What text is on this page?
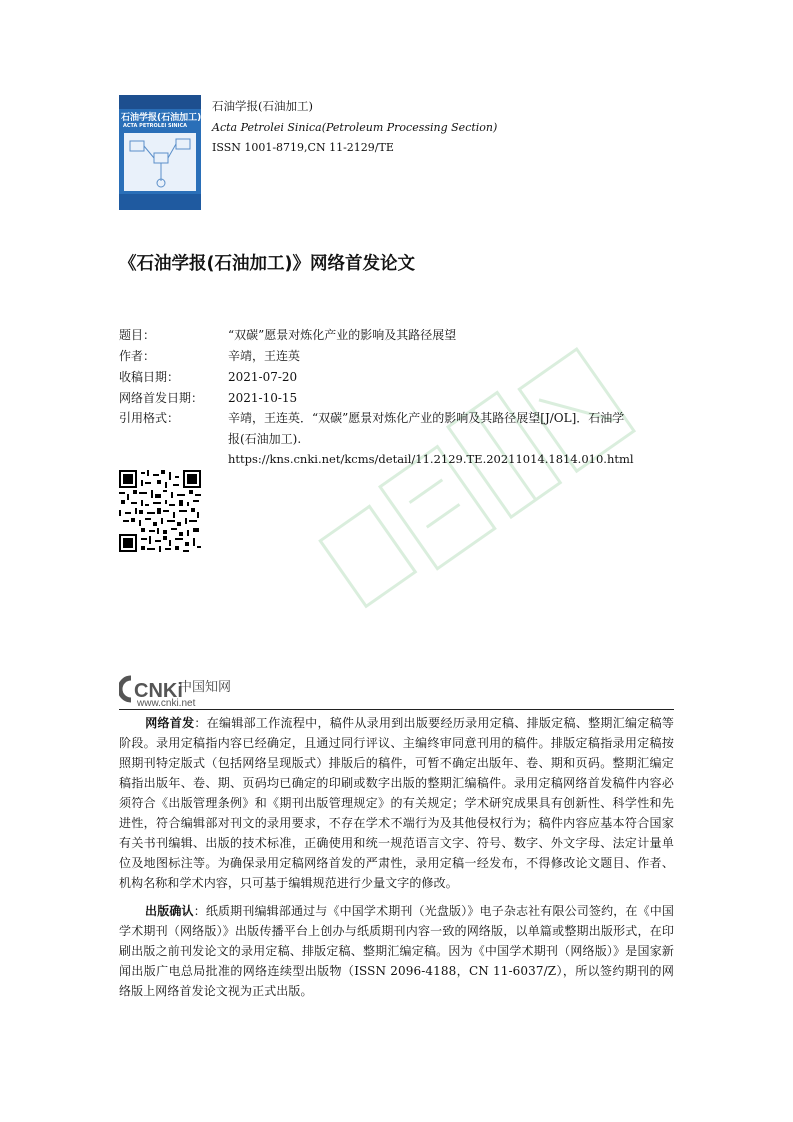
石油学报(石油加工)
ACTA PETROLEI SINICA
石油学报(石油加工)
Acta Petrolei Sinica(Petroleum Processing Section)
ISSN 1001-8719,CN 11-2129/TE
《石油学报(石油加工)》网络首发论文
题目：	“双碳”愿景对炼化产业的影响及其路径展望
作者：	辛靖，王连英
收稿日期：	2021-07-20
网络首发日期： 2021-10-15
引用格式：	辛靖，王连英．“双碳”愿景对炼化产业的影响及其路径展望[J/OL]．石油学
报(石油加工).
https://kns.cnki.net/kcms/detail/11.2129.TE.20211014.1814.010.html
CNKi
中国知网
www.cnki.net
网络首发：在编辑部工作流程中，稿件从录用到出版要经历录用定稿、排版定稿、整期汇编定稿等阶段。录用定稿指内容已经确定，且通过同行评议、主编终审同意刊用的稿件。排版定稿指录用定稿按照期刊特定版式（包括网络呈现版式）排版后的稿件，可暂不确定出版年、卷、期和页码。整期汇编定稿指出版年、卷、期、页码均已确定的印刷或数字出版的整期汇编稿件。录用定稿网络首发稿件内容必须符合《出版管理条例》和《期刊出版管理规定》的有关规定；学术研究成果具有创新性、科学性和先进性，符合编辑部对刊文的录用要求，不存在学术不端行为及其他侵权行为；稿件内容应基本符合国家有关书刊编辑、出版的技术标准，正确使用和统一规范语言文字、符号、数字、外文字母、法定计量单位及地图标注等。为确保录用定稿网络首发的严肃性，录用定稿一经发布，不得修改论文题目、作者、机构名称和学术内容，只可基于编辑规范进行少量文字的修改。
出版确认：纸质期刊编辑部通过与《中国学术期刊（光盘版）》电子杂志社有限公司签约，在《中国学术期刊（网络版）》出版传播平台上创办与纸质期刊内容一致的网络版，以单篇或整期出版形式，在印刷出版之前刊发论文的录用定稿、排版定稿、整期汇编定稿。因为《中国学术期刊（网络版）》是国家新闻出版广电总局批准的网络连续型出版物（ISSN 2096-4188，CN 11-6037/Z），所以签约期刊的网络版上网络首发论文视为正式出版。
